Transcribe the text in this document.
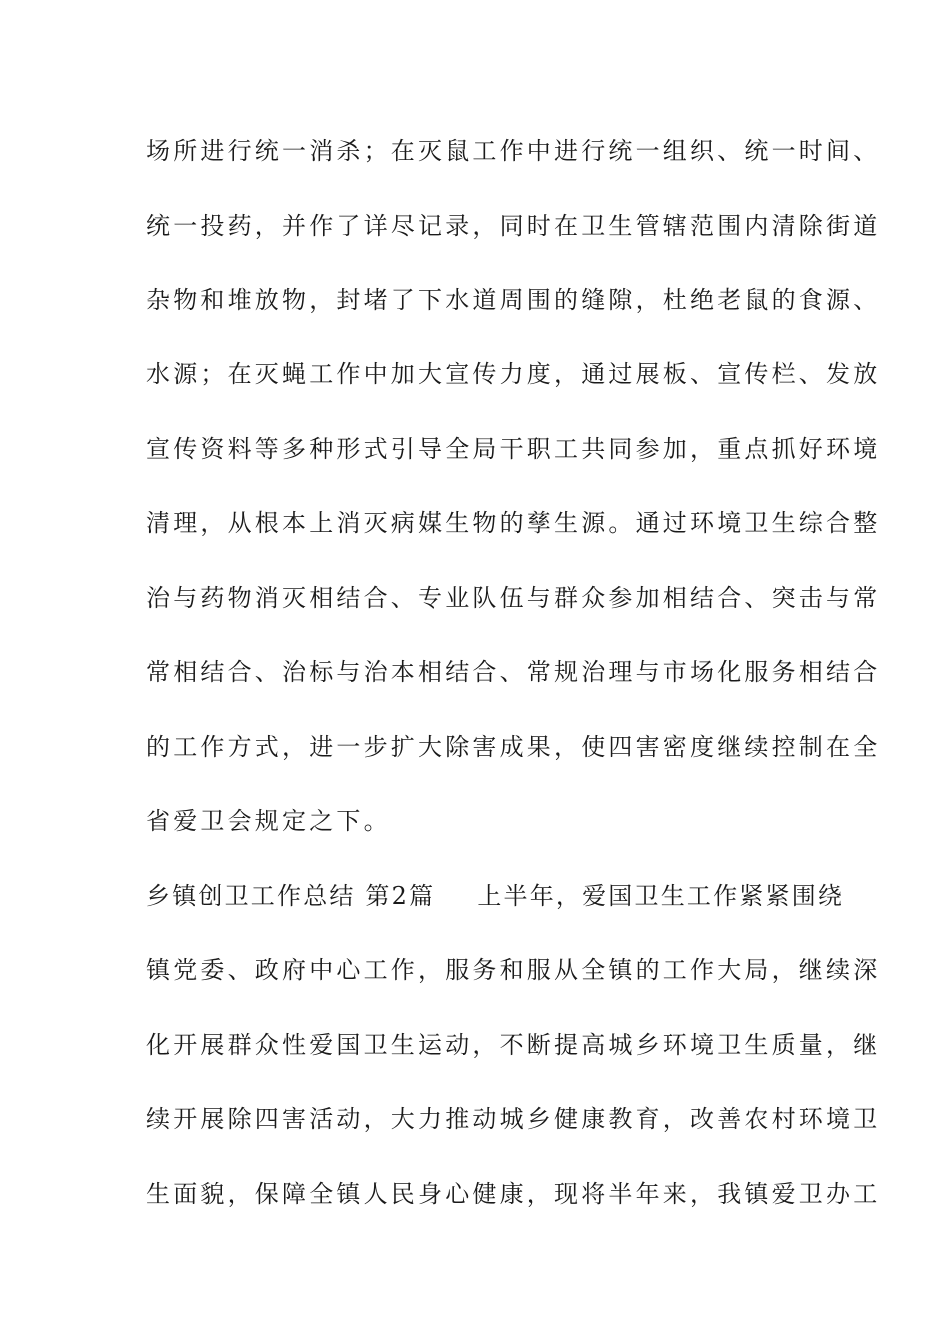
场所进行统一消杀；在灭鼠工作中进行统一组织、统一时间、
统一投药，并作了详尽记录，同时在卫生管辖范围内清除街道
杂物和堆放物，封堵了下水道周围的缝隙，杜绝老鼠的食源、
水源；在灭蝇工作中加大宣传力度，通过展板、宣传栏、发放
宣传资料等多种形式引导全局干职工共同参加，重点抓好环境
清理，从根本上消灭病媒生物的孳生源。通过环境卫生综合整
治与药物消灭相结合、专业队伍与群众参加相结合、突击与常
常相结合、治标与治本相结合、常规治理与市场化服务相结合
的工作方式，进一步扩大除害成果，使四害密度继续控制在全
省爱卫会规定之下。
乡镇创卫工作总结 第2篇 上半年，爱国卫生工作紧紧围绕
镇党委、政府中心工作，服务和服从全镇的工作大局，继续深
化开展群众性爱国卫生运动，不断提高城乡环境卫生质量，继
续开展除四害活动，大力推动城乡健康教育，改善农村环境卫
生面貌，保障全镇人民身心健康，现将半年来，我镇爱卫办工
